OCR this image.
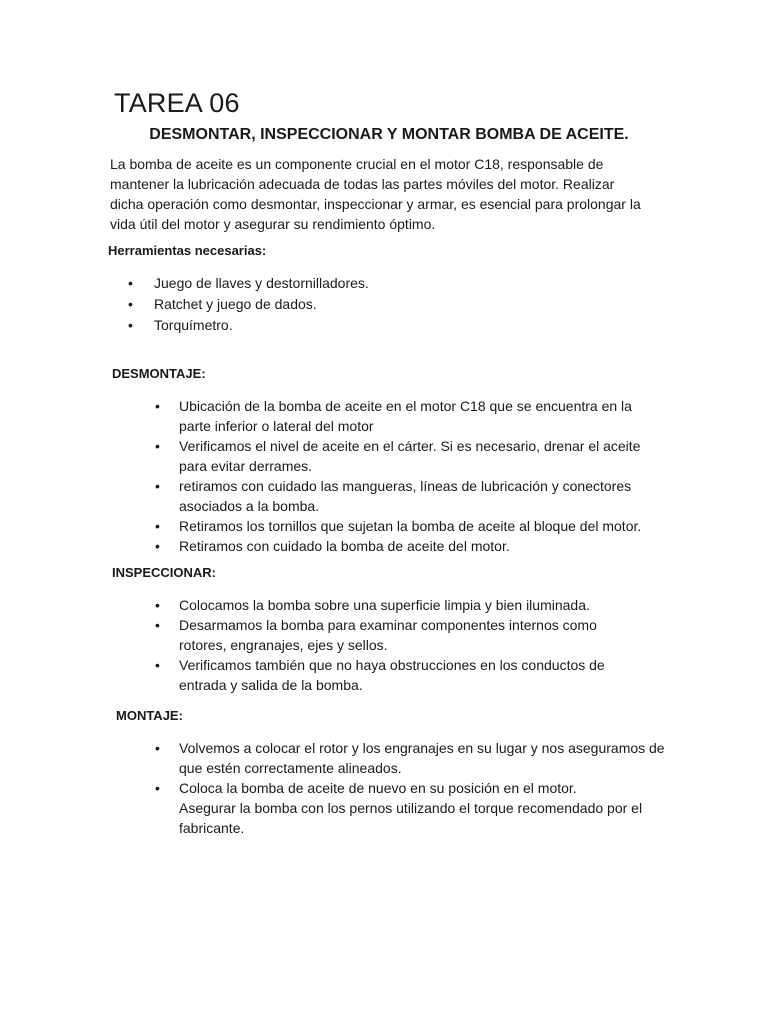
TAREA 06
DESMONTAR, INSPECCIONAR Y MONTAR BOMBA DE ACEITE.

La bomba de aceite es un componente crucial en el motor C18, responsable de mantener la lubricación adecuada de todas las partes móviles del motor. Realizar dicha operación como desmontar, inspeccionar y armar, es esencial para prolongar la vida útil del motor y asegurar su rendimiento óptimo.

Herramientas necesarias:
•	Juego de llaves y destornilladores.
•	Ratchet y juego de dados.
•	Torquímetro.
DESMONTAJE:
•	Ubicación de la bomba de aceite en el motor C18 que se encuentra en la parte inferior o lateral del motor
•	Verificamos el nivel de aceite en el cárter. Si es necesario, drenar el aceite para evitar derrames.
•	retiramos con cuidado las mangueras, líneas de lubricación y conectores asociados a la bomba.
•	Retiramos los tornillos que sujetan la bomba de aceite al bloque del motor.
•	Retiramos con cuidado la bomba de aceite del motor.
INSPECCIONAR:
•	Colocamos la bomba sobre una superficie limpia y bien iluminada.
•	Desarmamos la bomba para examinar componentes internos como rotores, engranajes, ejes y sellos.
•	Verificamos también que no haya obstrucciones en los conductos de entrada y salida de la bomba.
MONTAJE:
•	Volvemos a colocar el rotor y los engranajes en su lugar y nos aseguramos de que estén correctamente alineados.
•	Coloca la bomba de aceite de nuevo en su posición en el motor.
Asegurar la bomba con los pernos utilizando el torque recomendado por el fabricante.
